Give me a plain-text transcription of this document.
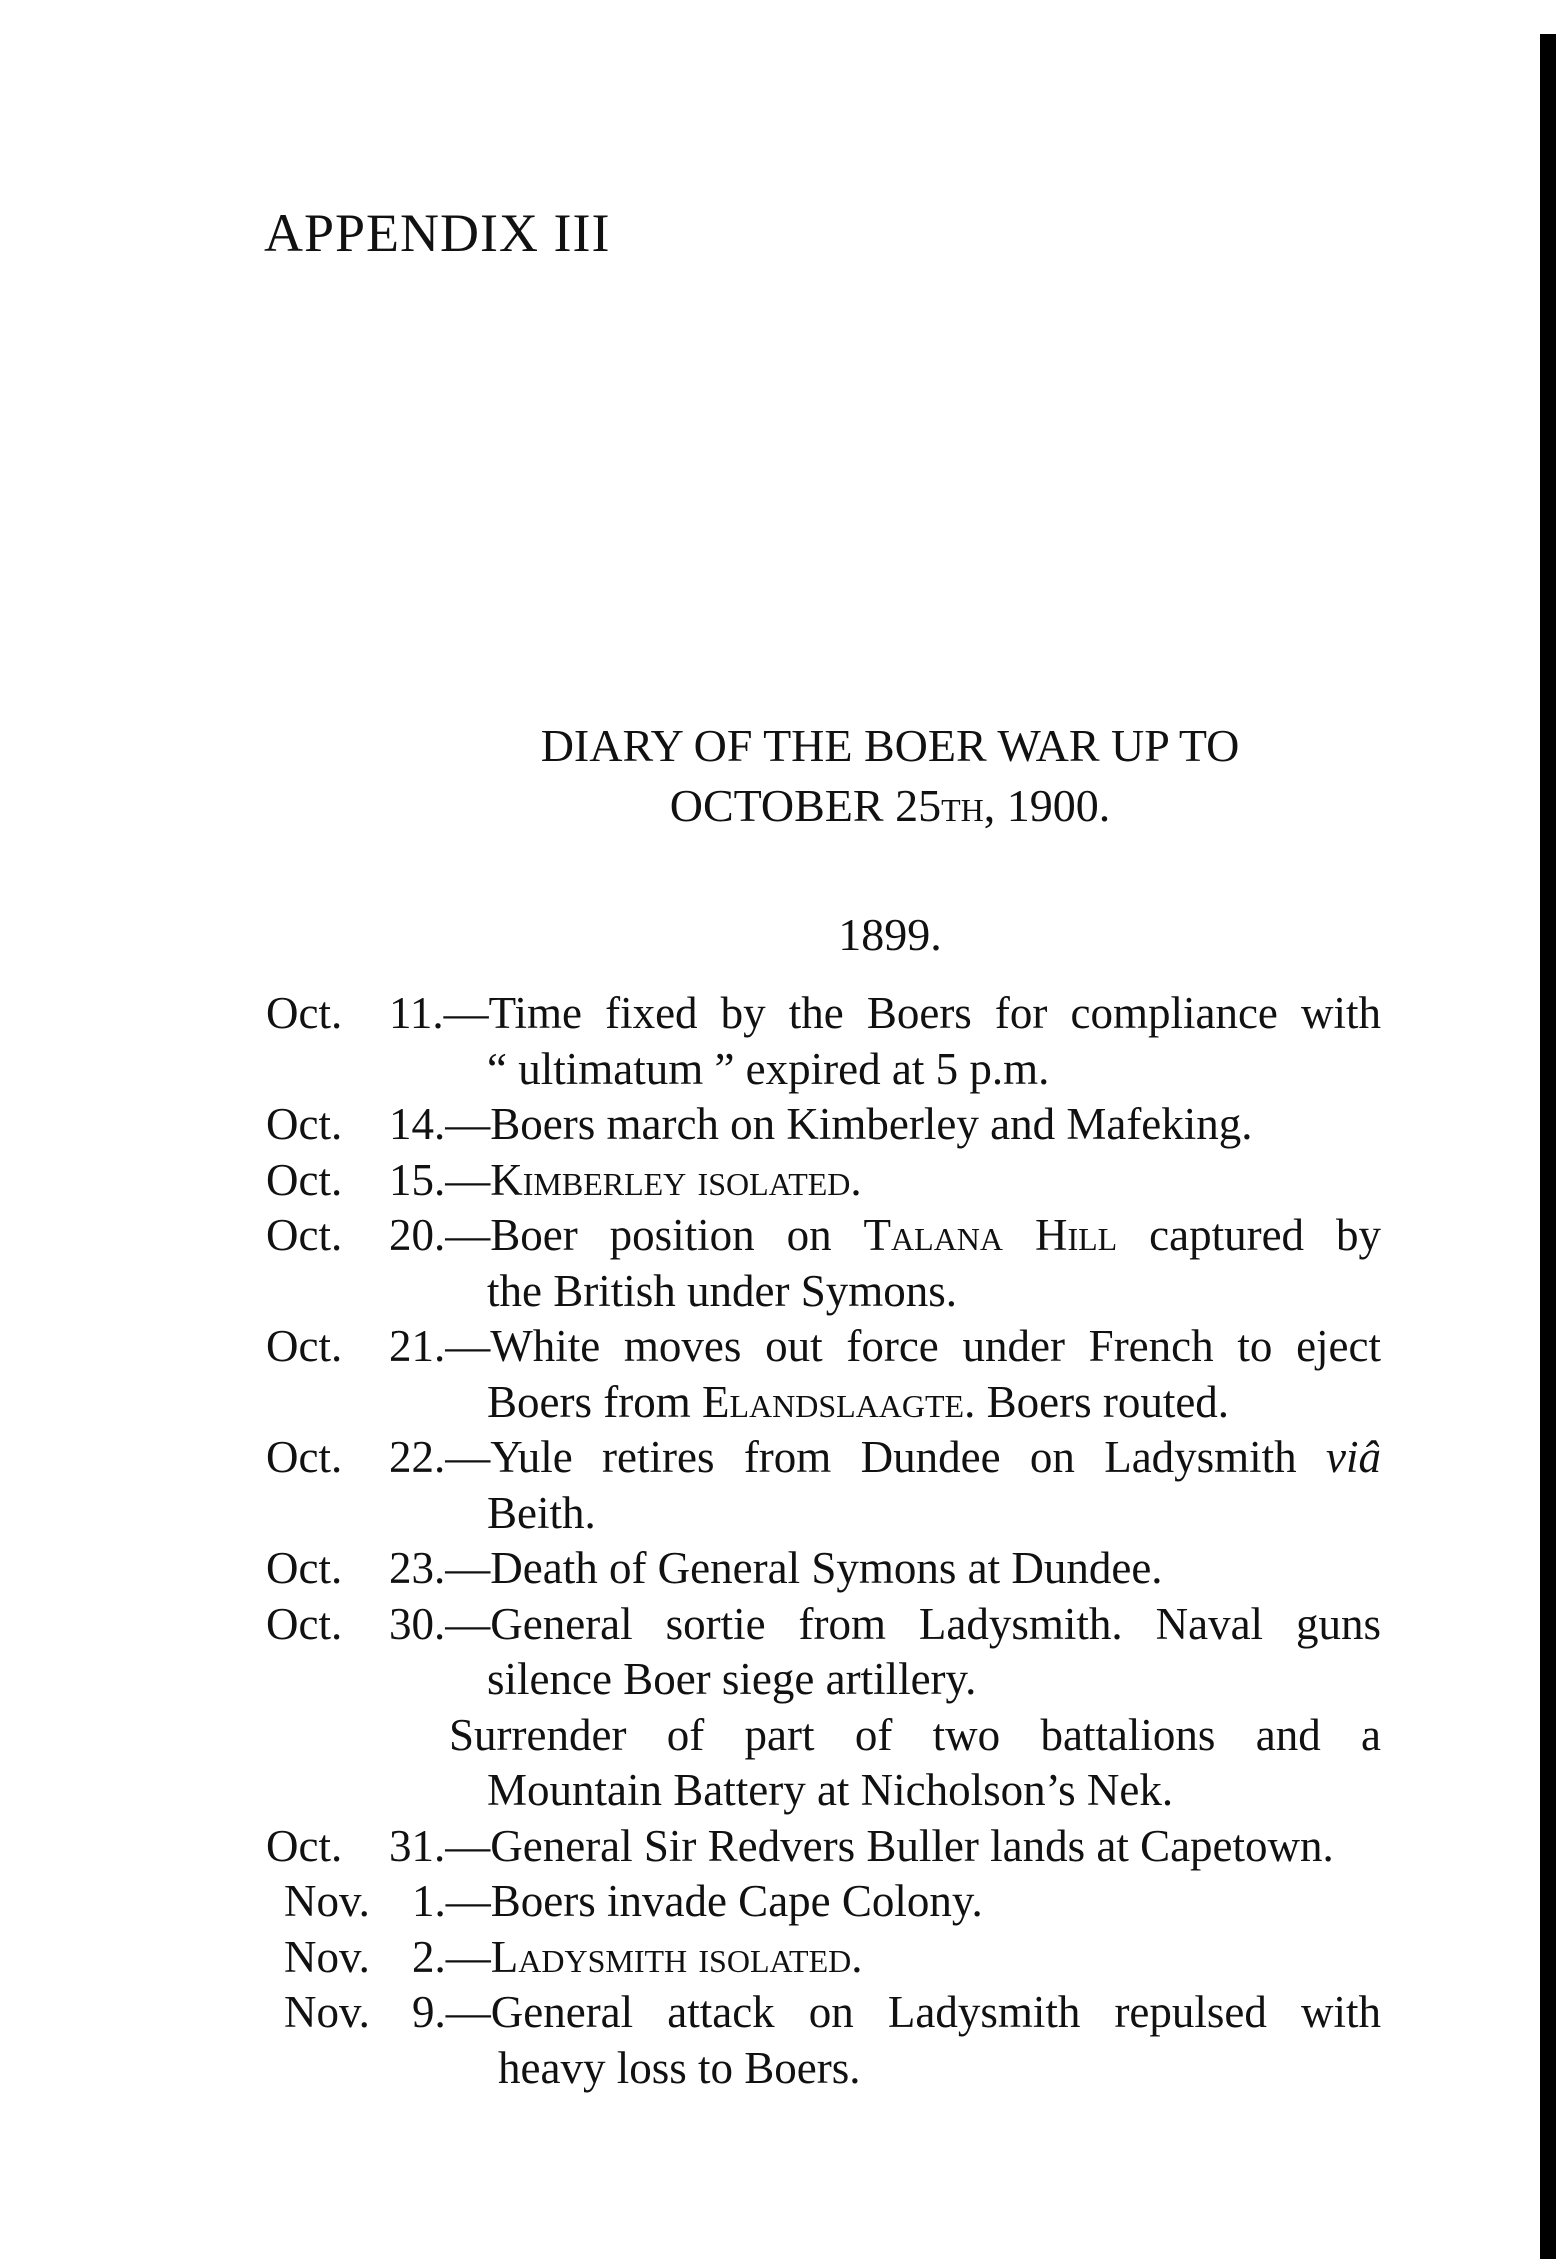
APPENDIX III
DIARY OF THE BOER WAR UP TO
OCTOBER 25th, 1900.
1899.
Oct. 11.—Time fixed by the Boers for compliance with
“ ultimatum ” expired at 5 p.m.
Oct. 14.—Boers march on Kimberley and Mafeking.
Oct. 15.—Kimberley isolated.
Oct. 20.—Boer position on Talana Hill captured by
the British under Symons.
Oct. 21.—White moves out force under French to eject
Boers from Elandslaagte. Boers routed.
Oct. 22.—Yule retires from Dundee on Ladysmith viâ
Beith.
Oct. 23.—Death of General Symons at Dundee.
Oct. 30.—General sortie from Ladysmith. Naval guns
silence Boer siege artillery.
Surrender of part of two battalions and a
Mountain Battery at Nicholson’s Nek.
Oct. 31.—General Sir Redvers Buller lands at Capetown.
Nov. 1.—Boers invade Cape Colony.
Nov. 2.—Ladysmith isolated.
Nov. 9.—General attack on Ladysmith repulsed with
heavy loss to Boers.
